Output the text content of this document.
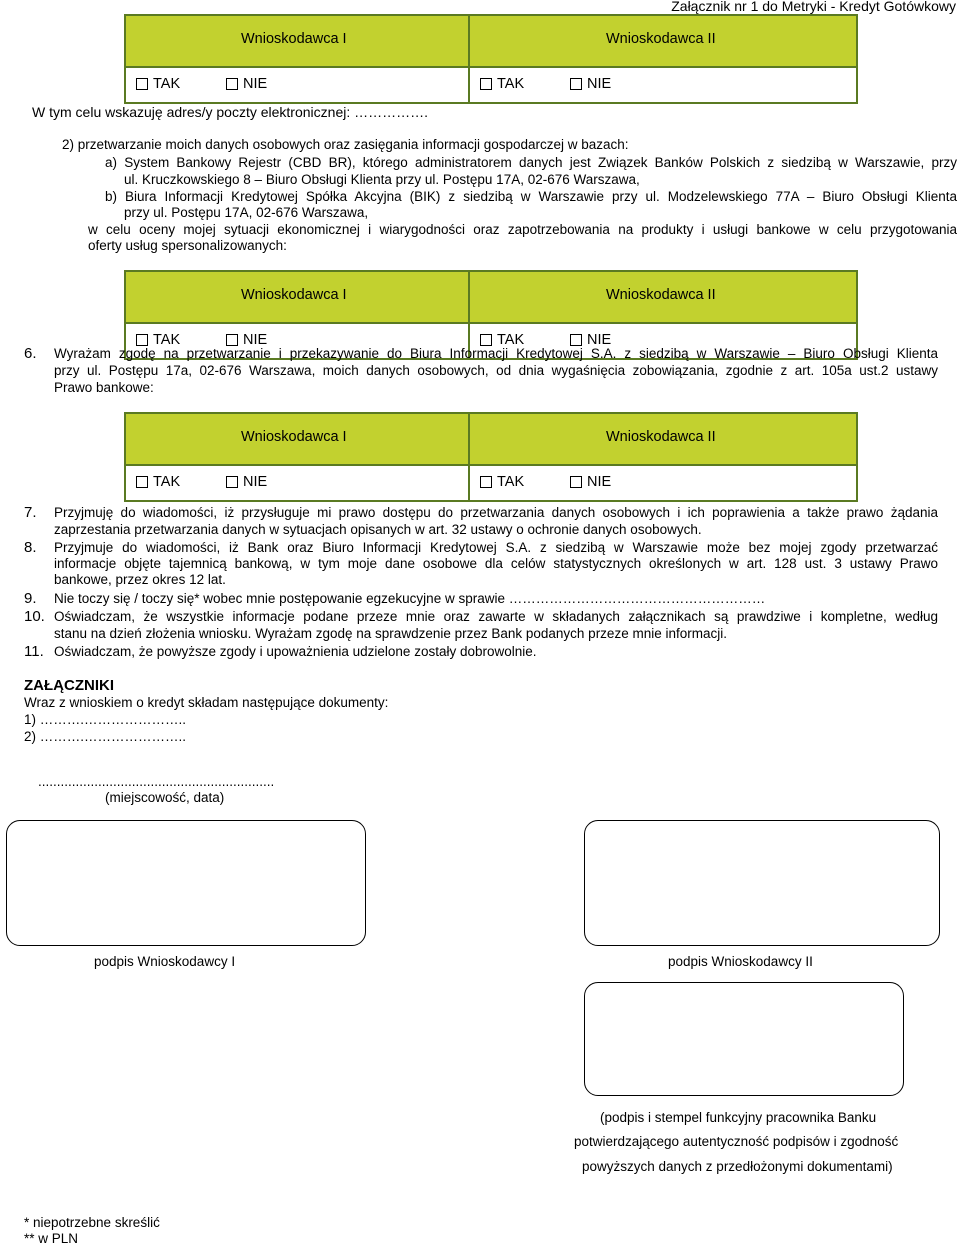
Załącznik nr 1 do Metryki - Kredyt Gotówkowy
Wnioskodawca I	Wnioskodawca II
TAK	NIE	TAK	NIE
W tym celu wskazuję adres/y poczty elektronicznej: …………….
2) przetwarzanie moich danych osobowych oraz zasięgania informacji gospodarczej w bazach:
a) System Bankowy Rejestr (CBD BR), którego administratorem danych jest Związek Banków Polskich z siedzibą w Warszawie, przy
ul. Kruczkowskiego 8 – Biuro Obsługi Klienta przy ul. Postępu 17A, 02-676 Warszawa,
b) Biura Informacji Kredytowej Spółka Akcyjna (BIK) z siedzibą w Warszawie przy ul. Modzelewskiego 77A – Biuro Obsługi Klienta
przy ul. Postępu 17A, 02-676 Warszawa,
w celu oceny mojej sytuacji ekonomicznej i wiarygodności oraz zapotrzebowania na produkty i usługi bankowe w celu przygotowania
oferty usług spersonalizowanych:
Wnioskodawca I	Wnioskodawca II
TAK	NIE	TAK	NIE
6. Wyrażam zgodę na przetwarzanie i przekazywanie do Biura Informacji Kredytowej S.A. z siedzibą w Warszawie – Biuro Obsługi Klienta
przy ul. Postępu 17a, 02-676 Warszawa, moich danych osobowych, od dnia wygaśnięcia zobowiązania, zgodnie z art. 105a ust.2 ustawy
Prawo bankowe:
Wnioskodawca I	Wnioskodawca II
TAK	NIE	TAK	NIE
7. Przyjmuję do wiadomości, iż przysługuje mi prawo dostępu do przetwarzania danych osobowych i ich poprawienia a także prawo żądania
zaprzestania przetwarzania danych w sytuacjach opisanych w art. 32 ustawy o ochronie danych osobowych.
8. Przyjmuje do wiadomości, iż Bank oraz Biuro Informacji Kredytowej S.A. z siedzibą w Warszawie może bez mojej zgody przetwarzać
informacje objęte tajemnicą bankową, w tym moje dane osobowe dla celów statystycznych określonych w art. 128 ust. 3 ustawy Prawo
bankowe, przez okres 12 lat.
9. Nie toczy się / toczy się* wobec mnie postępowanie egzekucyjne w sprawie …………………………………………………
10. Oświadczam, że wszystkie informacje podane przeze mnie oraz zawarte w składanych załącznikach są prawdziwe i kompletne, według
stanu na dzień złożenia wniosku. Wyrażam zgodę na sprawdzenie przez Bank podanych przeze mnie informacji.
11. Oświadczam, że powyższe zgody i upoważnienia udzielone zostały dobrowolnie.
ZAŁĄCZNIKI
Wraz z wnioskiem o kredyt składam następujące dokumenty:
1) ……….…………………..
2) ……….…………………..
...............................................................
(miejscowość, data)
podpis Wnioskodawcy I	podpis Wnioskodawcy II
(podpis i stempel funkcyjny pracownika Banku
potwierdzającego autentyczność podpisów i zgodność
powyższych danych z przedłożonymi dokumentami)
* niepotrzebne skreślić
** w PLN
